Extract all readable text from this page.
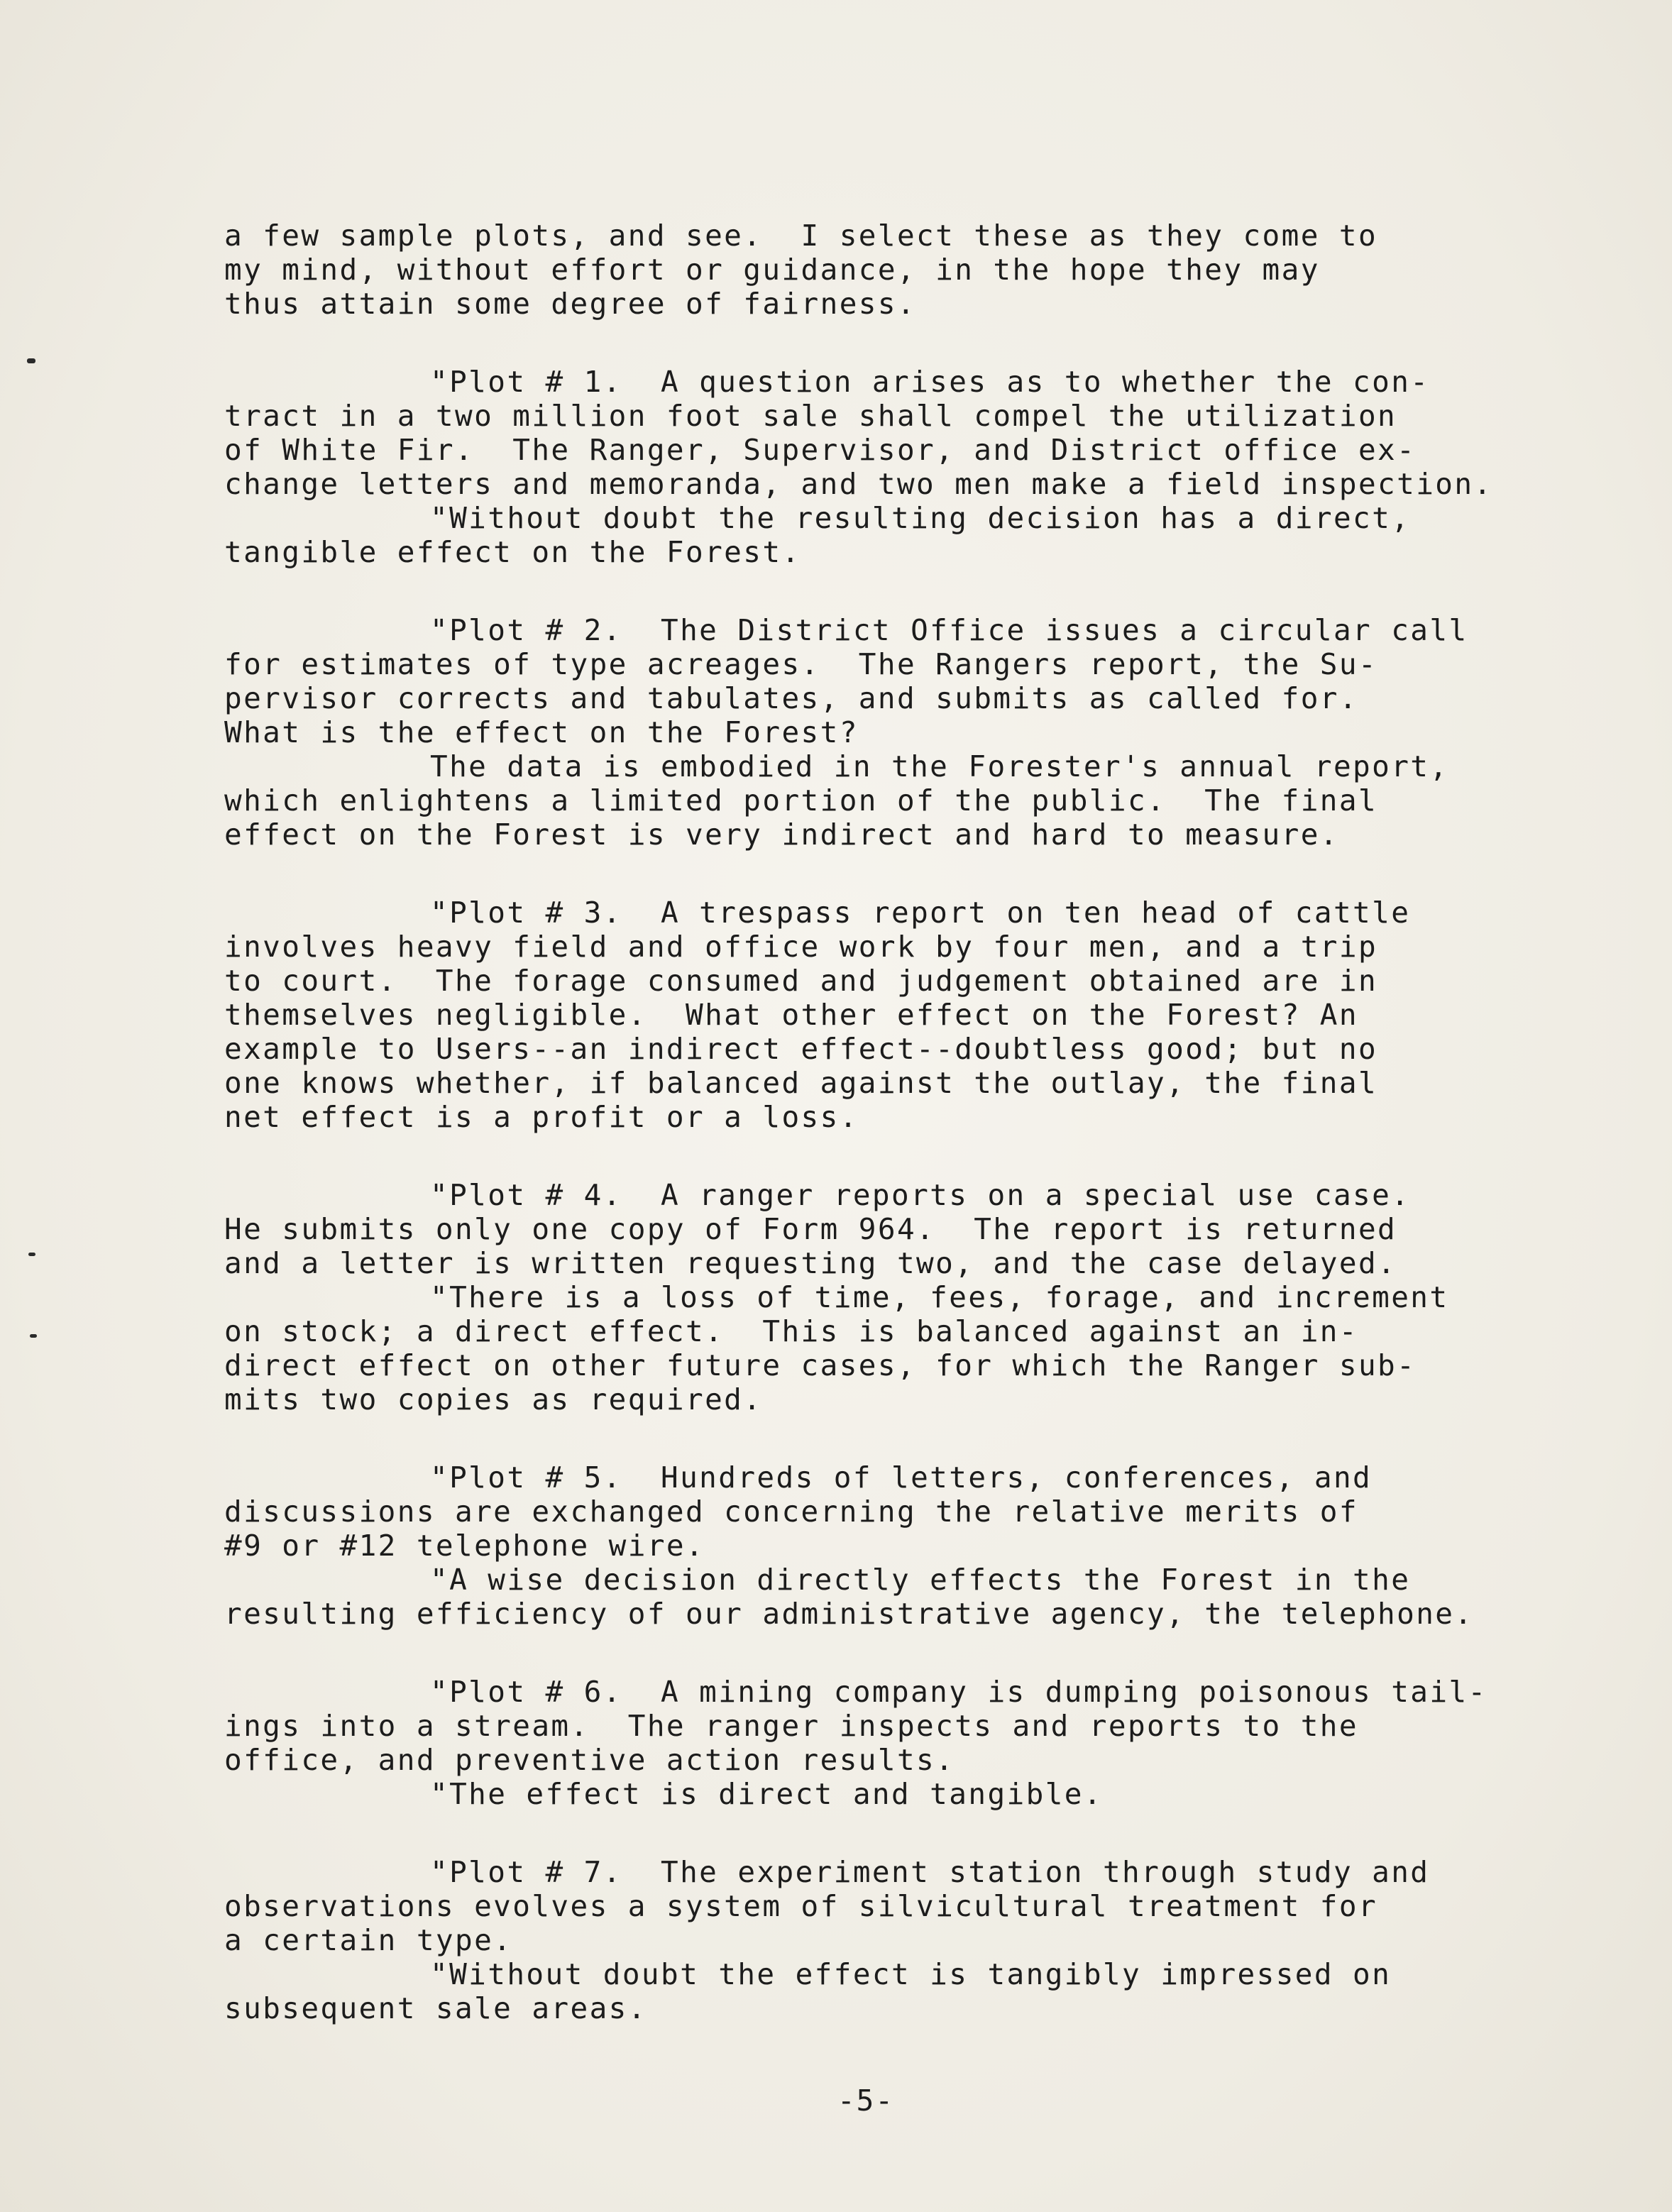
a few sample plots, and see.  I select these as they come to
my mind, without effort or guidance, in the hope they may
thus attain some degree of fairness.
"Plot # 1.  A question arises as to whether the con-
tract in a two million foot sale shall compel the utilization
of White Fir.  The Ranger, Supervisor, and District office ex-
change letters and memoranda, and two men make a field inspection.
"Without doubt the resulting decision has a direct,
tangible effect on the Forest.
"Plot # 2.  The District Office issues a circular call
for estimates of type acreages.  The Rangers report, the Su-
pervisor corrects and tabulates, and submits as called for.
What is the effect on the Forest?
The data is embodied in the Forester's annual report,
which enlightens a limited portion of the public.  The final
effect on the Forest is very indirect and hard to measure.
"Plot # 3.  A trespass report on ten head of cattle
involves heavy field and office work by four men, and a trip
to court.  The forage consumed and judgement obtained are in
themselves negligible.  What other effect on the Forest? An
example to Users--an indirect effect--doubtless good; but no
one knows whether, if balanced against the outlay, the final
net effect is a profit or a loss.
"Plot # 4.  A ranger reports on a special use case.
He submits only one copy of Form 964.  The report is returned
and a letter is written requesting two, and the case delayed.
"There is a loss of time, fees, forage, and increment
on stock; a direct effect.  This is balanced against an in-
direct effect on other future cases, for which the Ranger sub-
mits two copies as required.
"Plot # 5.  Hundreds of letters, conferences, and
discussions are exchanged concerning the relative merits of
#9 or #12 telephone wire.
"A wise decision directly effects the Forest in the
resulting efficiency of our administrative agency, the telephone.
"Plot # 6.  A mining company is dumping poisonous tail-
ings into a stream.  The ranger inspects and reports to the
office, and preventive action results.
"The effect is direct and tangible.
"Plot # 7.  The experiment station through study and
observations evolves a system of silvicultural treatment for
a certain type.
"Without doubt the effect is tangibly impressed on
subsequent sale areas.
-5-
